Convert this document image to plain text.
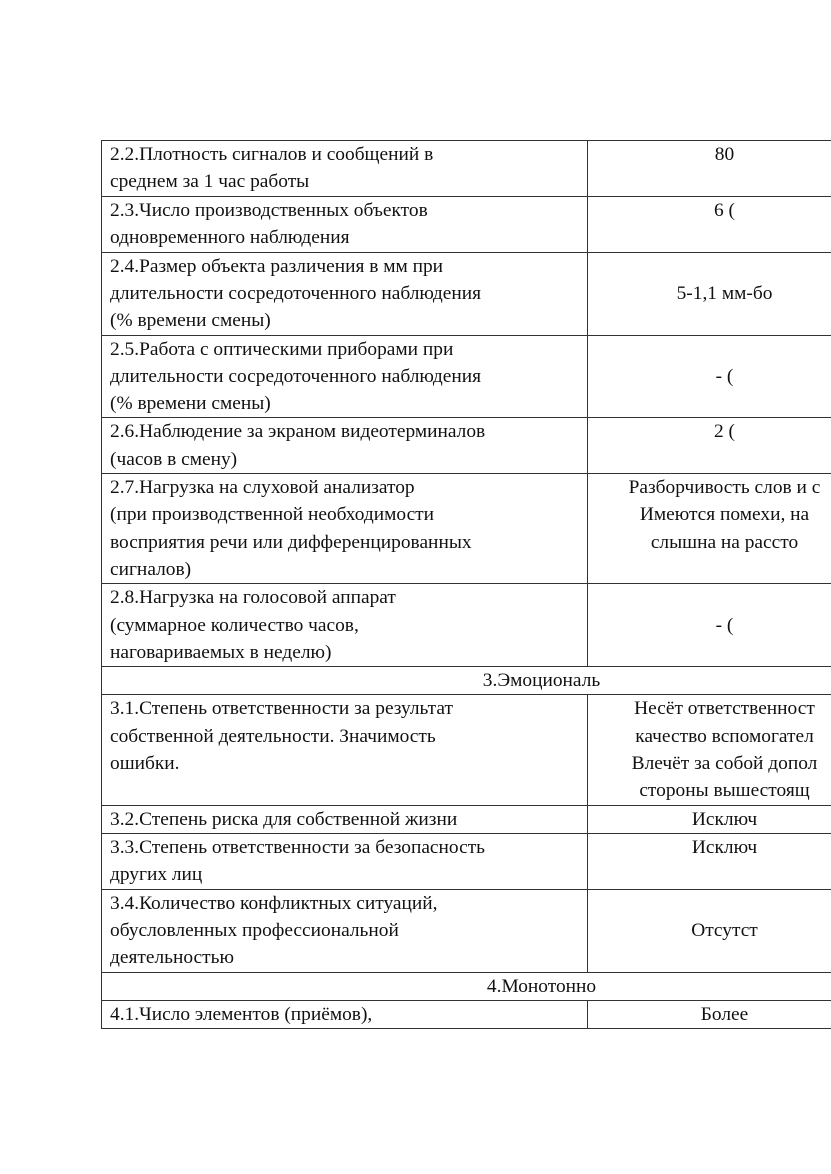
2.2.Плотность сигналов и сообщений в
среднем за 1 час работы	80
2.3.Число производственных объектов
одновременного наблюдения	6 (
2.4.Размер объекта различения в мм при
длительности сосредоточенного наблюдения
(% времени смены)	5-1,1 мм-бо
2.5.Работа с оптическими приборами при
длительности сосредоточенного наблюдения
(% времени смены)	- (
2.6.Наблюдение за экраном видеотерминалов
(часов в смену)	2 (
2.7.Нагрузка на слуховой анализатор
(при производственной необходимости
восприятия речи или дифференцированных
сигналов)	Разборчивость слов и с
Имеются помехи, на
слышна на рассто
2.8.Нагрузка на голосовой аппарат
(суммарное количество часов,
наговариваемых в неделю)	- (
3.Эмоциональ	
3.1.Степень ответственности за результат
собственной деятельности. Значимость
ошибки.	Несёт ответственност
качество вспомогател
Влечёт за собой допол
стороны вышестоящ
3.2.Степень риска для собственной жизни	Исключ
3.3.Степень ответственности за безопасность
других лиц	Исключ
3.4.Количество конфликтных ситуаций,
обусловленных профессиональной
деятельностью	Отсутст
4.Монотонно	
4.1.Число элементов (приёмов),	Более
